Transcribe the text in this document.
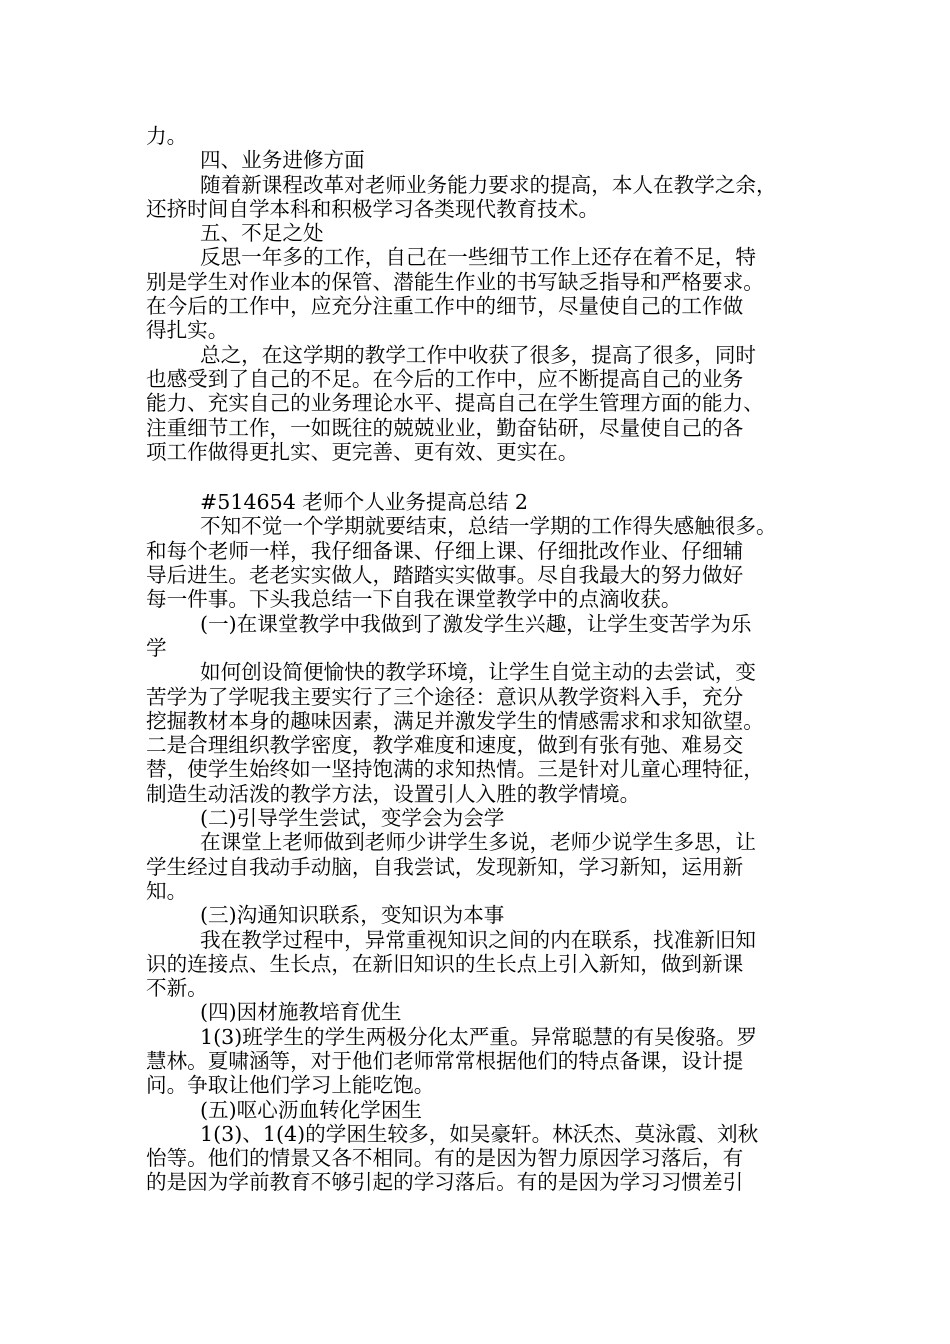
力。
四、业务进修方面
随着新课程改革对老师业务能力要求的提高，本人在教学之余，
还挤时间自学本科和积极学习各类现代教育技术。
五、不足之处
反思一年多的工作，自己在一些细节工作上还存在着不足，特
别是学生对作业本的保管、潜能生作业的书写缺乏指导和严格要求。
在今后的工作中，应充分注重工作中的细节，尽量使自己的工作做
得扎实。
总之，在这学期的教学工作中收获了很多，提高了很多，同时
也感受到了自己的不足。在今后的工作中，应不断提高自己的业务
能力、充实自己的业务理论水平、提高自己在学生管理方面的能力、
注重细节工作，一如既往的兢兢业业，勤奋钻研，尽量使自己的各
项工作做得更扎实、更完善、更有效、更实在。
#514654 老师个人业务提高总结 2
不知不觉一个学期就要结束，总结一学期的工作得失感触很多。
和每个老师一样，我仔细备课、仔细上课、仔细批改作业、仔细辅
导后进生。老老实实做人，踏踏实实做事。尽自我最大的努力做好
每一件事。下头我总结一下自我在课堂教学中的点滴收获。
(一)在课堂教学中我做到了激发学生兴趣，让学生变苦学为乐
学
如何创设简便愉快的教学环境，让学生自觉主动的去尝试，变
苦学为了学呢我主要实行了三个途径：意识从教学资料入手，充分
挖掘教材本身的趣味因素，满足并激发学生的情感需求和求知欲望。
二是合理组织教学密度，教学难度和速度，做到有张有弛、难易交
替，使学生始终如一坚持饱满的求知热情。三是针对儿童心理特征，
制造生动活泼的教学方法，设置引人入胜的教学情境。
(二)引导学生尝试，变学会为会学
在课堂上老师做到老师少讲学生多说，老师少说学生多思，让
学生经过自我动手动脑，自我尝试，发现新知，学习新知，运用新
知。
(三)沟通知识联系，变知识为本事
我在教学过程中，异常重视知识之间的内在联系，找准新旧知
识的连接点、生长点，在新旧知识的生长点上引入新知，做到新课
不新。
(四)因材施教培育优生
1(3)班学生的学生两极分化太严重。异常聪慧的有吴俊骆。罗
慧林。夏啸涵等，对于他们老师常常根据他们的特点备课，设计提
问。争取让他们学习上能吃饱。
(五)呕心沥血转化学困生
1(3)、1(4)的学困生较多，如吴豪轩。林沃杰、莫泳霞、刘秋
怡等。他们的情景又各不相同。有的是因为智力原因学习落后，有
的是因为学前教育不够引起的学习落后。有的是因为学习习惯差引
